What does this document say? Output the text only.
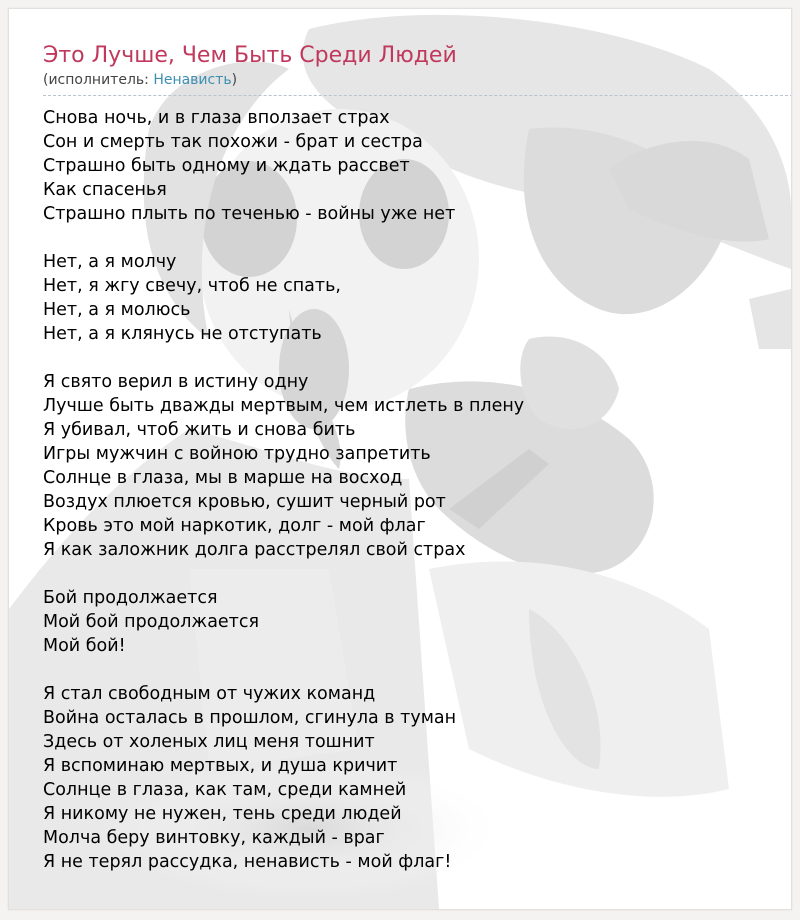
Это Лучше, Чем Быть Среди Людей

(исполнитель: Ненависть)

Снова ночь, и в глаза вползает страх
Сон и смерть так похожи - брат и сестра
Страшно быть одному и ждать рассвет
Как спасенья
Страшно плыть по теченью - войны уже нет
Нет, а я молчу
Нет, я жгу свечу, чтоб не спать,
Нет, а я молюсь
Нет, а я клянусь не отступать
Я свято верил в истину одну
Лучше быть дважды мертвым, чем истлеть в плену
Я убивал, чтоб жить и снова бить
Игры мужчин с войною трудно запретить
Солнце в глаза, мы в марше на восход
Воздух плюется кровью, сушит черный рот
Кровь это мой наркотик, долг - мой флаг
Я как заложник долга расстрелял свой страх
Бой продолжается
Мой бой продолжается
Мой бой!
Я стал свободным от чужих команд
Война осталась в прошлом, сгинула в туман
Здесь от холеных лиц меня тошнит
Я вспоминаю мертвых, и душа кричит
Солнце в глаза, как там, среди камней
Я никому не нужен, тень среди людей
Молча беру винтовку, каждый - враг
Я не терял рассудка, ненависть - мой флаг!
